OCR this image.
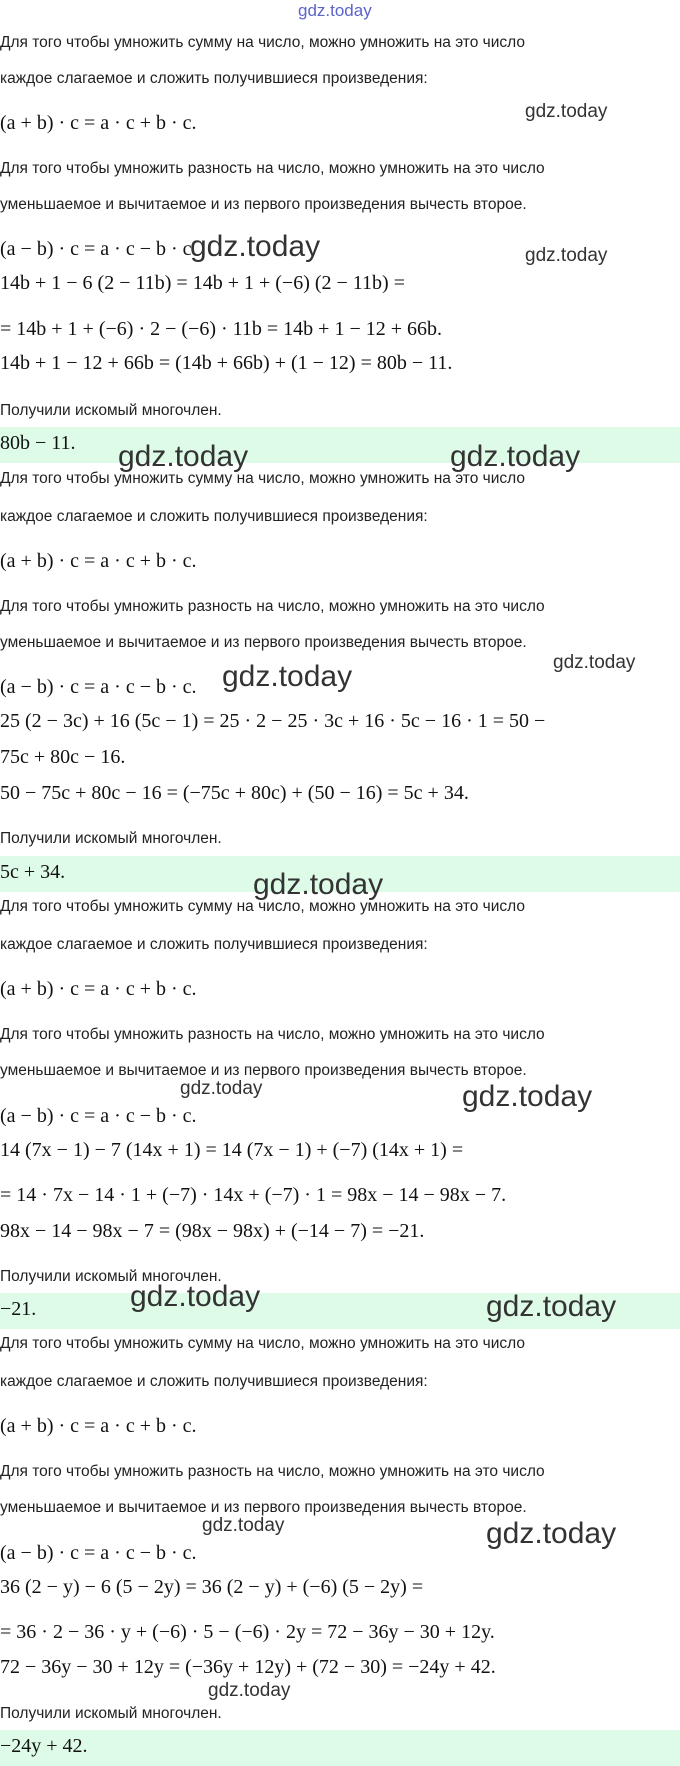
Для того чтобы умножить сумму на число, можно умножить на это число
каждое слагаемое и сложить получившиеся произведения:
(a + b) · c = a · c + b · c.
Для того чтобы умножить разность на число, можно умножить на это число
уменьшаемое и вычитаемое и из первого произведения вычесть второе.
(a − b) · c = a · c − b · c.
14b + 1 − 6 (2 − 11b) = 14b + 1 + (−6) (2 − 11b) =
= 14b + 1 + (−6) · 2 − (−6) · 11b = 14b + 1 − 12 + 66b.
14b + 1 − 12 + 66b = (14b + 66b) + (1 − 12) = 80b − 11.
Получили искомый многочлен.
80b − 11.
Для того чтобы умножить сумму на число, можно умножить на это число
каждое слагаемое и сложить получившиеся произведения:
(a + b) · c = a · c + b · c.
Для того чтобы умножить разность на число, можно умножить на это число
уменьшаемое и вычитаемое и из первого произведения вычесть второе.
(a − b) · c = a · c − b · c.
25 (2 − 3c) + 16 (5c − 1) = 25 · 2 − 25 · 3c + 16 · 5c − 16 · 1 = 50 −
75c + 80c − 16.
50 − 75c + 80c − 16 = (−75c + 80c) + (50 − 16) = 5c + 34.
Получили искомый многочлен.
5c + 34.
Для того чтобы умножить сумму на число, можно умножить на это число
каждое слагаемое и сложить получившиеся произведения:
(a + b) · c = a · c + b · c.
Для того чтобы умножить разность на число, можно умножить на это число
уменьшаемое и вычитаемое и из первого произведения вычесть второе.
(a − b) · c = a · c − b · c.
14 (7x − 1) − 7 (14x + 1) = 14 (7x − 1) + (−7) (14x + 1) =
= 14 · 7x − 14 · 1 + (−7) · 14x + (−7) · 1 = 98x − 14 − 98x − 7.
98x − 14 − 98x − 7 = (98x − 98x) + (−14 − 7) = −21.
Получили искомый многочлен.
−21.
Для того чтобы умножить сумму на число, можно умножить на это число
каждое слагаемое и сложить получившиеся произведения:
(a + b) · c = a · c + b · c.
Для того чтобы умножить разность на число, можно умножить на это число
уменьшаемое и вычитаемое и из первого произведения вычесть второе.
(a − b) · c = a · c − b · c.
36 (2 − y) − 6 (5 − 2y) = 36 (2 − y) + (−6) (5 − 2y) =
= 36 · 2 − 36 · y + (−6) · 5 − (−6) · 2y = 72 − 36y − 30 + 12y.
72 − 36y − 30 + 12y = (−36y + 12y) + (72 − 30) = −24y + 42.
Получили искомый многочлен.
−24y + 42.
gdz.today
gdz.today
gdz.today	gdz.today
gdz.today	gdz.today
gdz.today
gdz.today
gdz.today
gdz.today	gdz.today
gdz.today	gdz.today
gdz.today	gdz.today
gdz.today
